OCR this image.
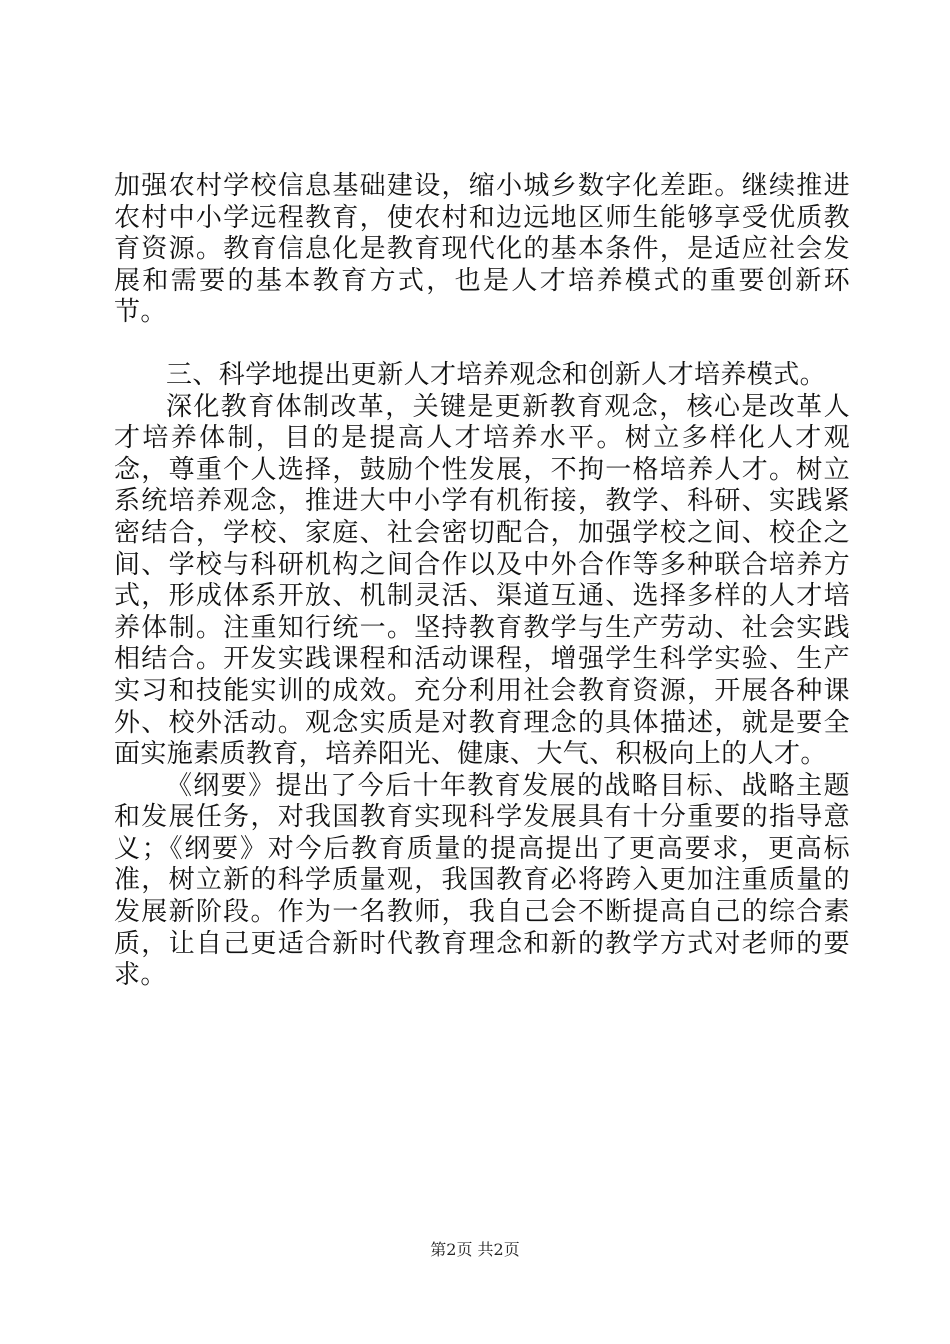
加强农村学校信息基础建设，缩小城乡数字化差距。继续推进农村中小学远程教育，使农村和边远地区师生能够享受优质教育资源。教育信息化是教育现代化的基本条件，是适应社会发展和需要的基本教育方式，也是人才培养模式的重要创新环节。

三、科学地提出更新人才培养观念和创新人才培养模式。

深化教育体制改革，关键是更新教育观念，核心是改革人才培养体制，目的是提高人才培养水平。树立多样化人才观念，尊重个人选择，鼓励个性发展，不拘一格培养人才。树立系统培养观念，推进大中小学有机衔接，教学、科研、实践紧密结合，学校、家庭、社会密切配合，加强学校之间、校企之间、学校与科研机构之间合作以及中外合作等多种联合培养方式，形成体系开放、机制灵活、渠道互通、选择多样的人才培养体制。注重知行统一。坚持教育教学与生产劳动、社会实践相结合。开发实践课程和活动课程，增强学生科学实验、生产实习和技能实训的成效。充分利用社会教育资源，开展各种课外、校外活动。观念实质是对教育理念的具体描述，就是要全面实施素质教育，培养阳光、健康、大气、积极向上的人才。

《纲要》提出了今后十年教育发展的战略目标、战略主题和发展任务，对我国教育实现科学发展具有十分重要的指导意义；《纲要》对今后教育质量的提高提出了更高要求，更高标准，树立新的科学质量观，我国教育必将跨入更加注重质量的发展新阶段。作为一名教师，我自己会不断提高自己的综合素质，让自己更适合新时代教育理念和新的教学方式对老师的要求。

第2页 共2页
